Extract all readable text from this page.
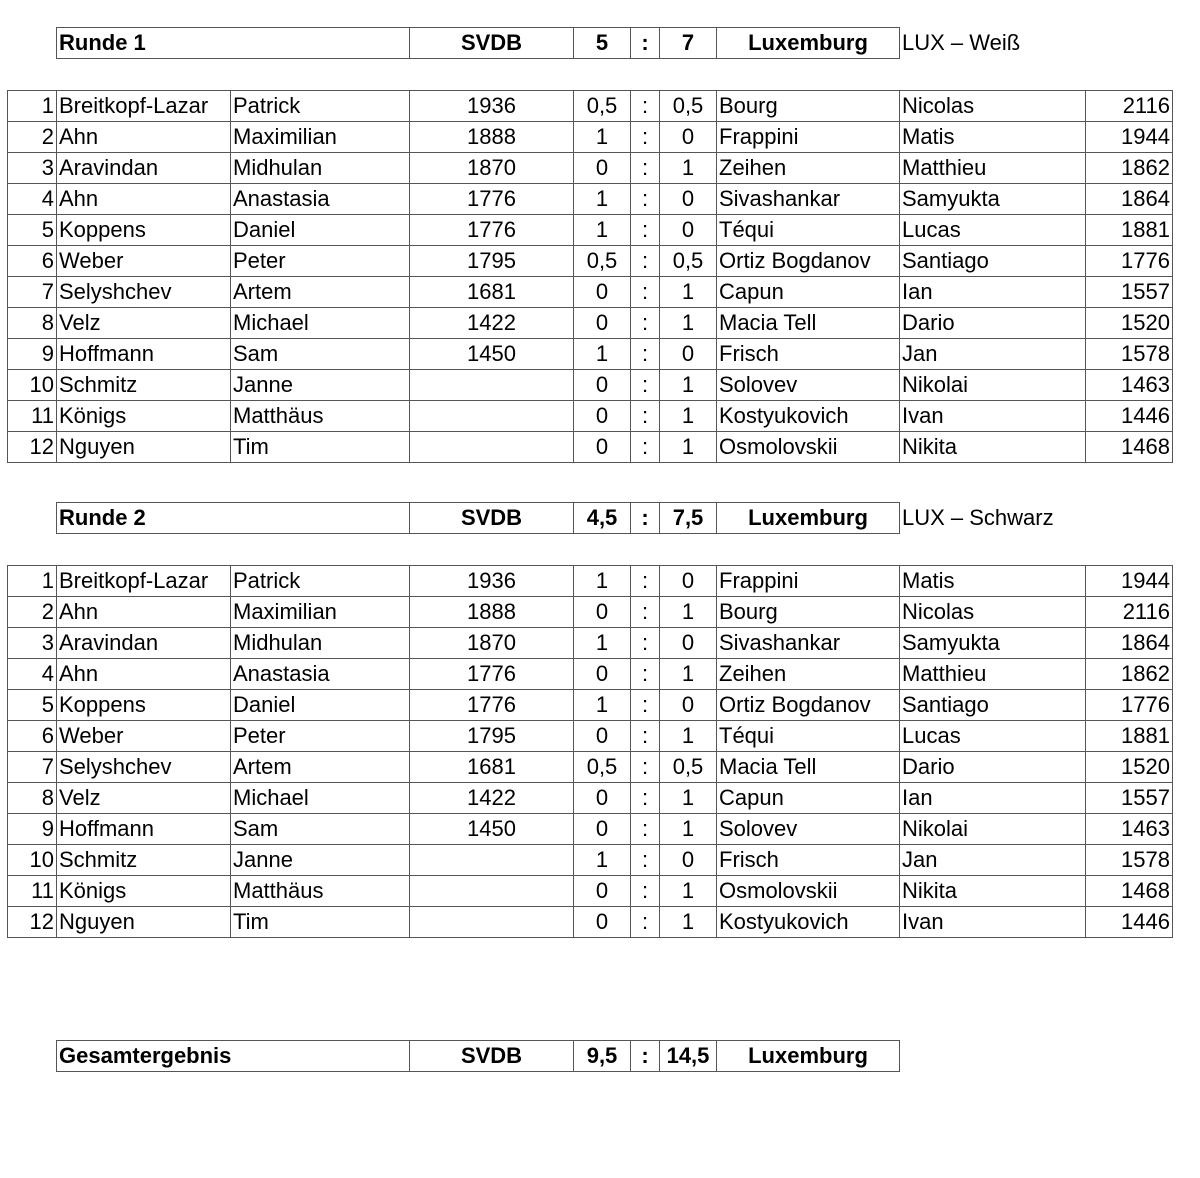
Runde 1	SVDB	5	:	7	Luxemburg	LUX – Weiß
1	Breitkopf-Lazar	Patrick	1936	0,5	:	0,5	Bourg	Nicolas	2116
2	Ahn	Maximilian	1888	1	:	0	Frappini	Matis	1944
3	Aravindan	Midhulan	1870	0	:	1	Zeihen	Matthieu	1862
4	Ahn	Anastasia	1776	1	:	0	Sivashankar	Samyukta	1864
5	Koppens	Daniel	1776	1	:	0	Téqui	Lucas	1881
6	Weber	Peter	1795	0,5	:	0,5	Ortiz Bogdanov	Santiago	1776
7	Selyshchev	Artem	1681	0	:	1	Capun	Ian	1557
8	Velz	Michael	1422	0	:	1	Macia Tell	Dario	1520
9	Hoffmann	Sam	1450	1	:	0	Frisch	Jan	1578
10	Schmitz	Janne		0	:	1	Solovev	Nikolai	1463
11	Königs	Matthäus		0	:	1	Kostyukovich	Ivan	1446
12	Nguyen	Tim		0	:	1	Osmolovskii	Nikita	1468
Runde 2	SVDB	4,5	:	7,5	Luxemburg	LUX – Schwarz
1	Breitkopf-Lazar	Patrick	1936	1	:	0	Frappini	Matis	1944
2	Ahn	Maximilian	1888	0	:	1	Bourg	Nicolas	2116
3	Aravindan	Midhulan	1870	1	:	0	Sivashankar	Samyukta	1864
4	Ahn	Anastasia	1776	0	:	1	Zeihen	Matthieu	1862
5	Koppens	Daniel	1776	1	:	0	Ortiz Bogdanov	Santiago	1776
6	Weber	Peter	1795	0	:	1	Téqui	Lucas	1881
7	Selyshchev	Artem	1681	0,5	:	0,5	Macia Tell	Dario	1520
8	Velz	Michael	1422	0	:	1	Capun	Ian	1557
9	Hoffmann	Sam	1450	0	:	1	Solovev	Nikolai	1463
10	Schmitz	Janne		1	:	0	Frisch	Jan	1578
11	Königs	Matthäus		0	:	1	Osmolovskii	Nikita	1468
12	Nguyen	Tim		0	:	1	Kostyukovich	Ivan	1446
Gesamtergebnis	SVDB	9,5	:	14,5	Luxemburg
